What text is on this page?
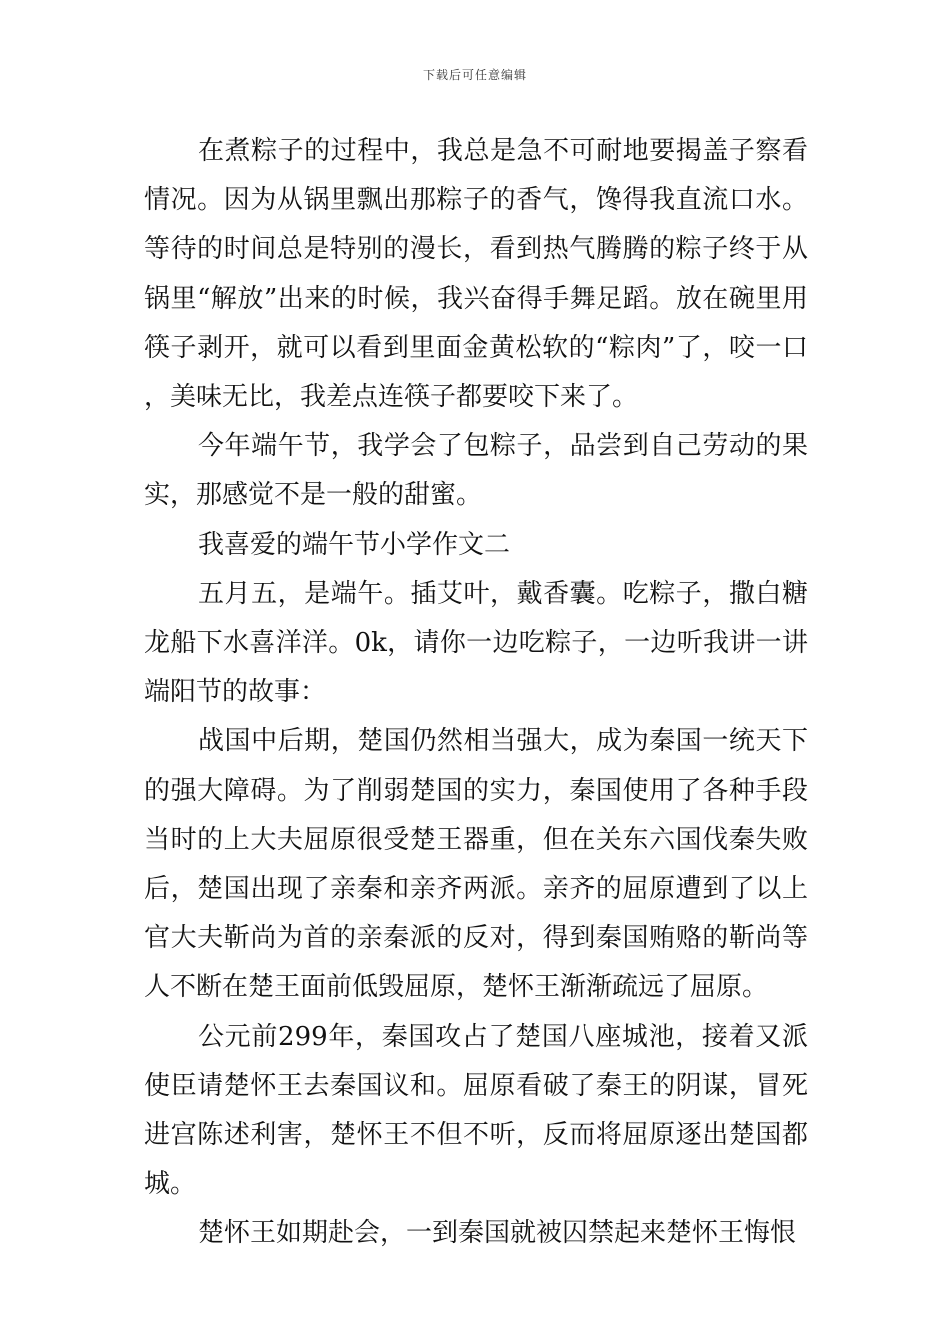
下载后可任意编辑

在煮粽子的过程中，我总是急不可耐地要揭盖子察看情况。因为从锅里飘出那粽子的香气，馋得我直流口水。等待的时间总是特别的漫长，看到热气腾腾的粽子终于从锅里“解放”出来的时候，我兴奋得手舞足蹈。放在碗里用筷子剥开，就可以看到里面金黄松软的“粽肉”了，咬一口，美味无比，我差点连筷子都要咬下来了。

今年端午节，我学会了包粽子，品尝到自己劳动的果实，那感觉不是一般的甜蜜。

我喜爱的端午节小学作文二

五月五，是端午。插艾叶，戴香囊。吃粽子，撒白糖龙船下水喜洋洋。0k，请你一边吃粽子，一边听我讲一讲端阳节的故事：

战国中后期，楚国仍然相当强大，成为秦国一统天下的强大障碍。为了削弱楚国的实力，秦国使用了各种手段当时的上大夫屈原很受楚王器重，但在关东六国伐秦失败后，楚国出现了亲秦和亲齐两派。亲齐的屈原遭到了以上官大夫靳尚为首的亲秦派的反对，得到秦国贿赂的靳尚等人不断在楚王面前低毁屈原，楚怀王渐渐疏远了屈原。

公元前299年，秦国攻占了楚国八座城池，接着又派使臣请楚怀王去秦国议和。屈原看破了秦王的阴谋，冒死进宫陈述利害，楚怀王不但不听，反而将屈原逐出楚国都城。

楚怀王如期赴会，一到秦国就被囚禁起来楚怀王悔恨
